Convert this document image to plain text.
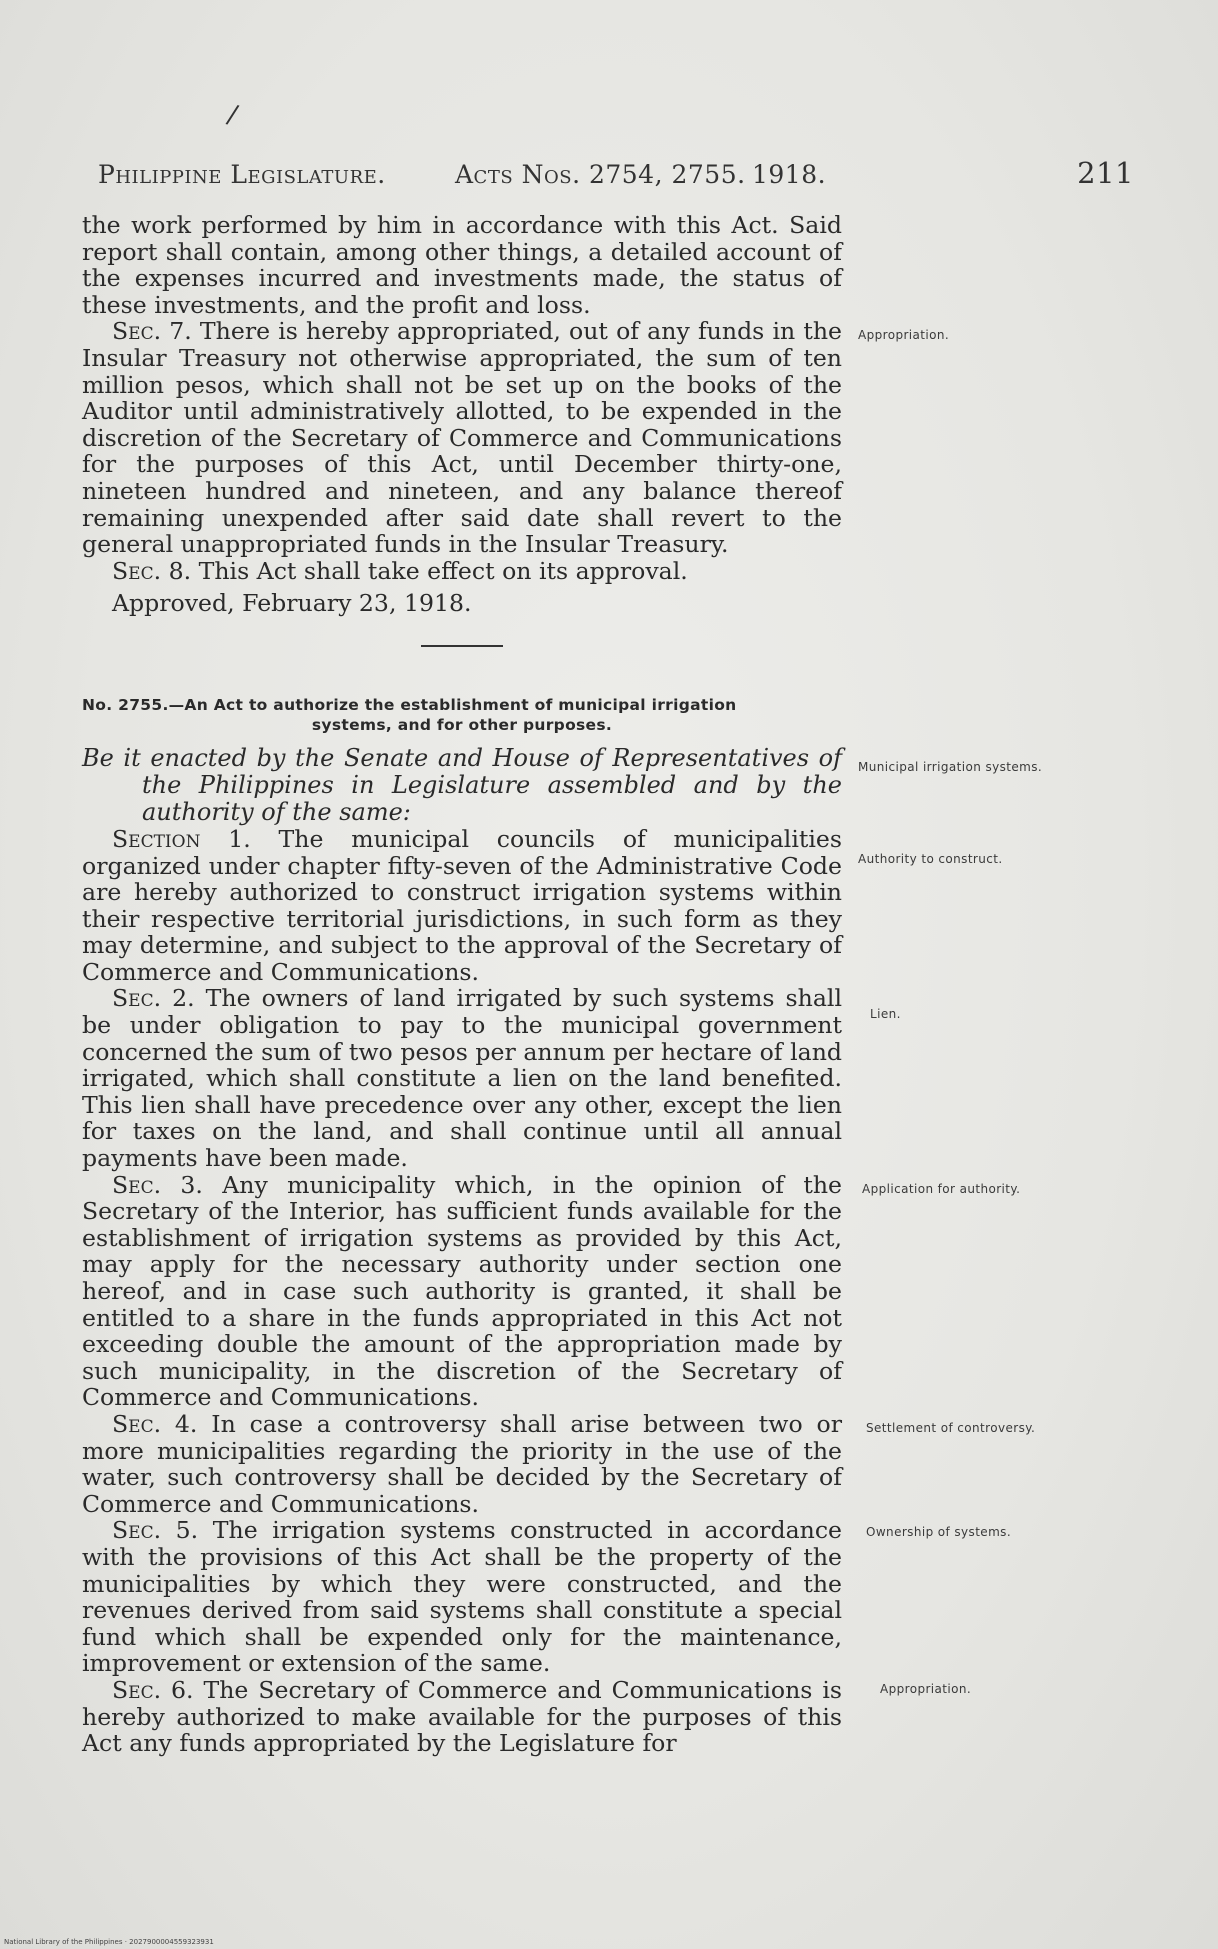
/
Philippine Legislature.	Acts Nos. 2754, 2755. 1918.	211

the work performed by him in accordance with this Act. Said report shall contain, among other things, a detailed account of the expenses incurred and investments made, the status of these investments, and the profit and loss.

Sec. 7. There is hereby appropriated, out of any funds in the Insular Treasury not otherwise appropriated, the sum of ten million pesos, which shall not be set up on the books of the Auditor until administratively allotted, to be expended in the discretion of the Secretary of Commerce and Communications for the purposes of this Act, until December thirty-one, nineteen hundred and nineteen, and any balance thereof remaining unexpended after said date shall revert to the general unappropriated funds in the Insular Treasury.

Sec. 8. This Act shall take effect on its approval.

Approved, February 23, 1918.

No. 2755.—An Act to authorize the establishment of municipal irrigation
systems, and for other purposes.

Be it enacted by the Senate and House of Representatives of the Philippines in Legislature assembled and by the authority of the same:

Section 1. The municipal councils of municipalities organized under chapter fifty-seven of the Administrative Code are hereby authorized to construct irrigation systems within their respective territorial jurisdictions, in such form as they may determine, and subject to the approval of the Secretary of Commerce and Communications.

Sec. 2. The owners of land irrigated by such systems shall be under obligation to pay to the municipal government concerned the sum of two pesos per annum per hectare of land irrigated, which shall constitute a lien on the land benefited. This lien shall have precedence over any other, except the lien for taxes on the land, and shall continue until all annual payments have been made.

Sec. 3. Any municipality which, in the opinion of the Secretary of the Interior, has sufficient funds available for the establishment of irrigation systems as provided by this Act, may apply for the necessary authority under section one hereof, and in case such authority is granted, it shall be entitled to a share in the funds appropriated in this Act not exceeding double the amount of the appropriation made by such municipality, in the discretion of the Secretary of Commerce and Communications.

Sec. 4. In case a controversy shall arise between two or more municipalities regarding the priority in the use of the water, such controversy shall be decided by the Secretary of Commerce and Communications.

Sec. 5. The irrigation systems constructed in accordance with the provisions of this Act shall be the property of the municipalities by which they were constructed, and the revenues derived from said systems shall constitute a special fund which shall be expended only for the maintenance, improvement or extension of the same.

Sec. 6. The Secretary of Commerce and Communications is hereby authorized to make available for the purposes of this Act any funds appropriated by the Legislature for

Appropriation.
Municipal irrigation systems.
Authority to construct.
Lien.
Application for authority.
Settlement of controversy.
Ownership of systems.
Appropriation.
National Library of the Philippines · 2027900004559323931
